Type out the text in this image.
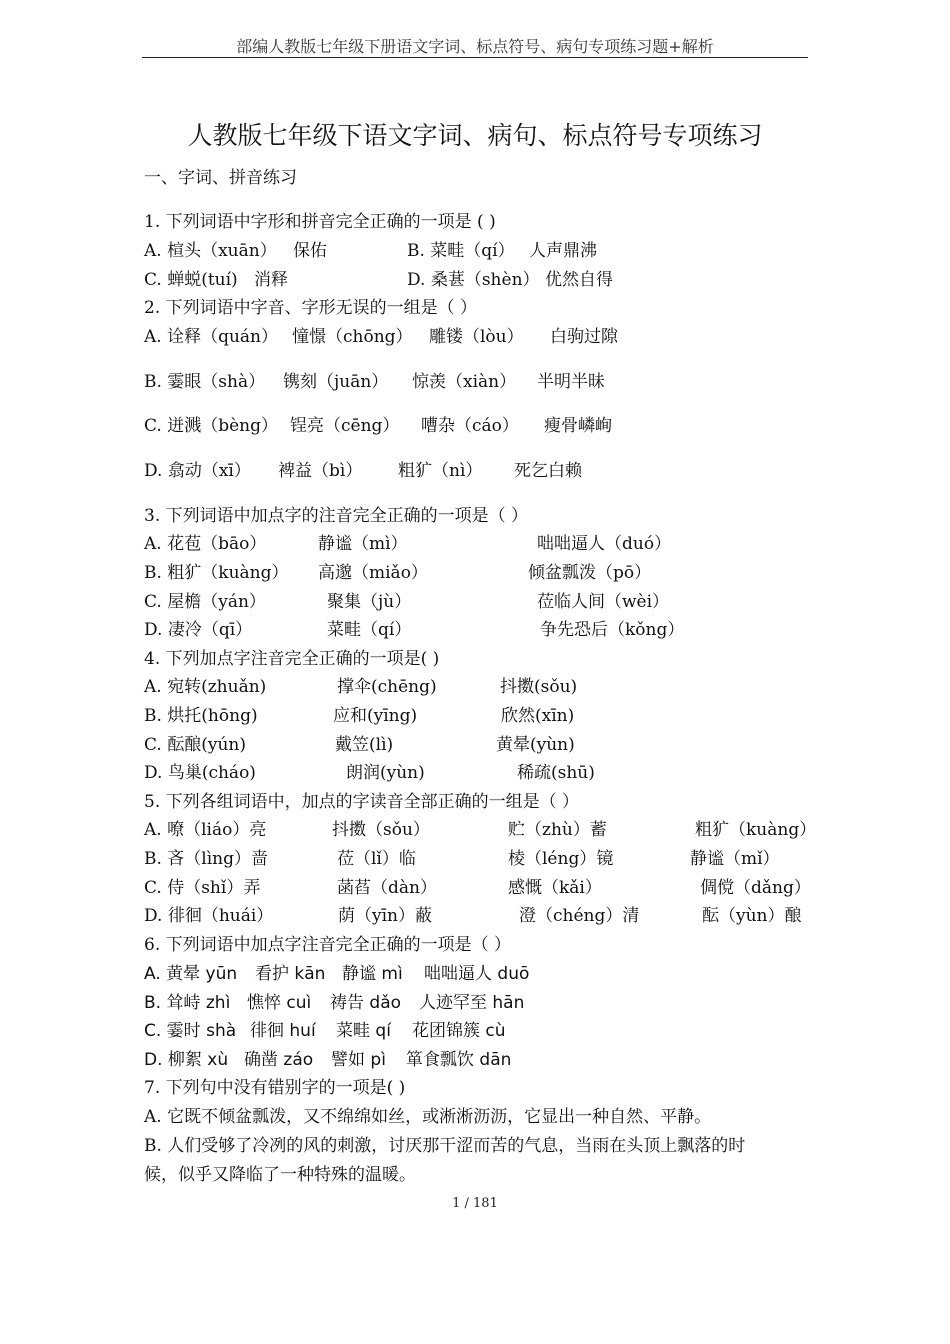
部编人教版七年级下册语文字词、标点符号、病句专项练习题+解析
人教版七年级下语文字词、病句、标点符号专项练习
一、字词、拼音练习
1. 下列词语中字形和拼音完全正确的一项是 ( )
A. 楦头（xuān） 保佑	B. 菜畦（qí） 人声鼎沸
C. 蝉蜕(tuí) 消释	D. 桑葚（shèn） 优然自得
2. 下列词语中字音、字形无误的一组是（ ）
A. 诠释（quán） 憧憬（chōng） 雕镂（lòu） 白驹过隙
B. 霎眼（shà） 镌刻（juān） 惊羡（xiàn） 半明半昧
C. 迸溅（bèng） 锃亮（cēng） 嘈杂（cáo） 瘦骨嶙峋
D. 翕动（xī） 裨益（bì） 粗犷（nì） 死乞白赖
3. 下列词语中加点字的注音完全正确的一项是（ ）
A. 花苞（bāo）	静谧（mì）	咄咄逼人（duó）
B. 粗犷（kuàng） 高邈（miǎo）	倾盆瓢泼（pō）
C. 屋檐（yán）	聚集（jù）	莅临人间（wèi）
D. 凄冷（qī）	菜畦（qí）	争先恐后（kǒng）
4. 下列加点字注音完全正确的一项是( )
A. 宛转(zhuǎn)	撑伞(chēng)	抖擞(sǒu)
B. 烘托(hōng)	应和(yīng)	欣然(xīn)
C. 酝酿(yún)	戴笠(lì)	黄晕(yùn)
D. 鸟巢(cháo)	朗润(yùn)	稀疏(shū)
5. 下列各组词语中，加点的字读音全部正确的一组是（ ）
A. 嘹（liáo）亮	抖擞（sǒu）	贮（zhù）蓄	粗犷（kuàng）
B. 吝（lìng）啬	莅（lǐ）临	棱（léng）镜	静谧（mǐ）
C. 侍（shǐ）弄	菡萏（dàn）	感慨（kǎi）	倜傥（dǎng）
D. 徘徊（huái）	荫（yīn）蔽	澄（chéng）清	酝（yùn）酿
6. 下列词语中加点字注音完全正确的一项是（ ）
A. 黄晕 yūn 看护 kān 静谧 mì 咄咄逼人 duō
B. 耸峙 zhì 憔悴 cuì 祷告 dǎo 人迹罕至 hān
C. 霎时 shà 徘徊 huí 菜畦 qí 花团锦簇 cù
D. 柳絮 xù 确凿 záo 譬如 pì 箪食瓢饮 dān
7. 下列句中没有错别字的一项是( )
A. 它既不倾盆瓢泼，又不绵绵如丝，或淅淅沥沥，它显出一种自然、平静。
B. 人们受够了冷冽的风的刺激，讨厌那干涩而苦的气息，当雨在头顶上飘落的时
候，似乎又降临了一种特殊的温暖。
1 / 181
